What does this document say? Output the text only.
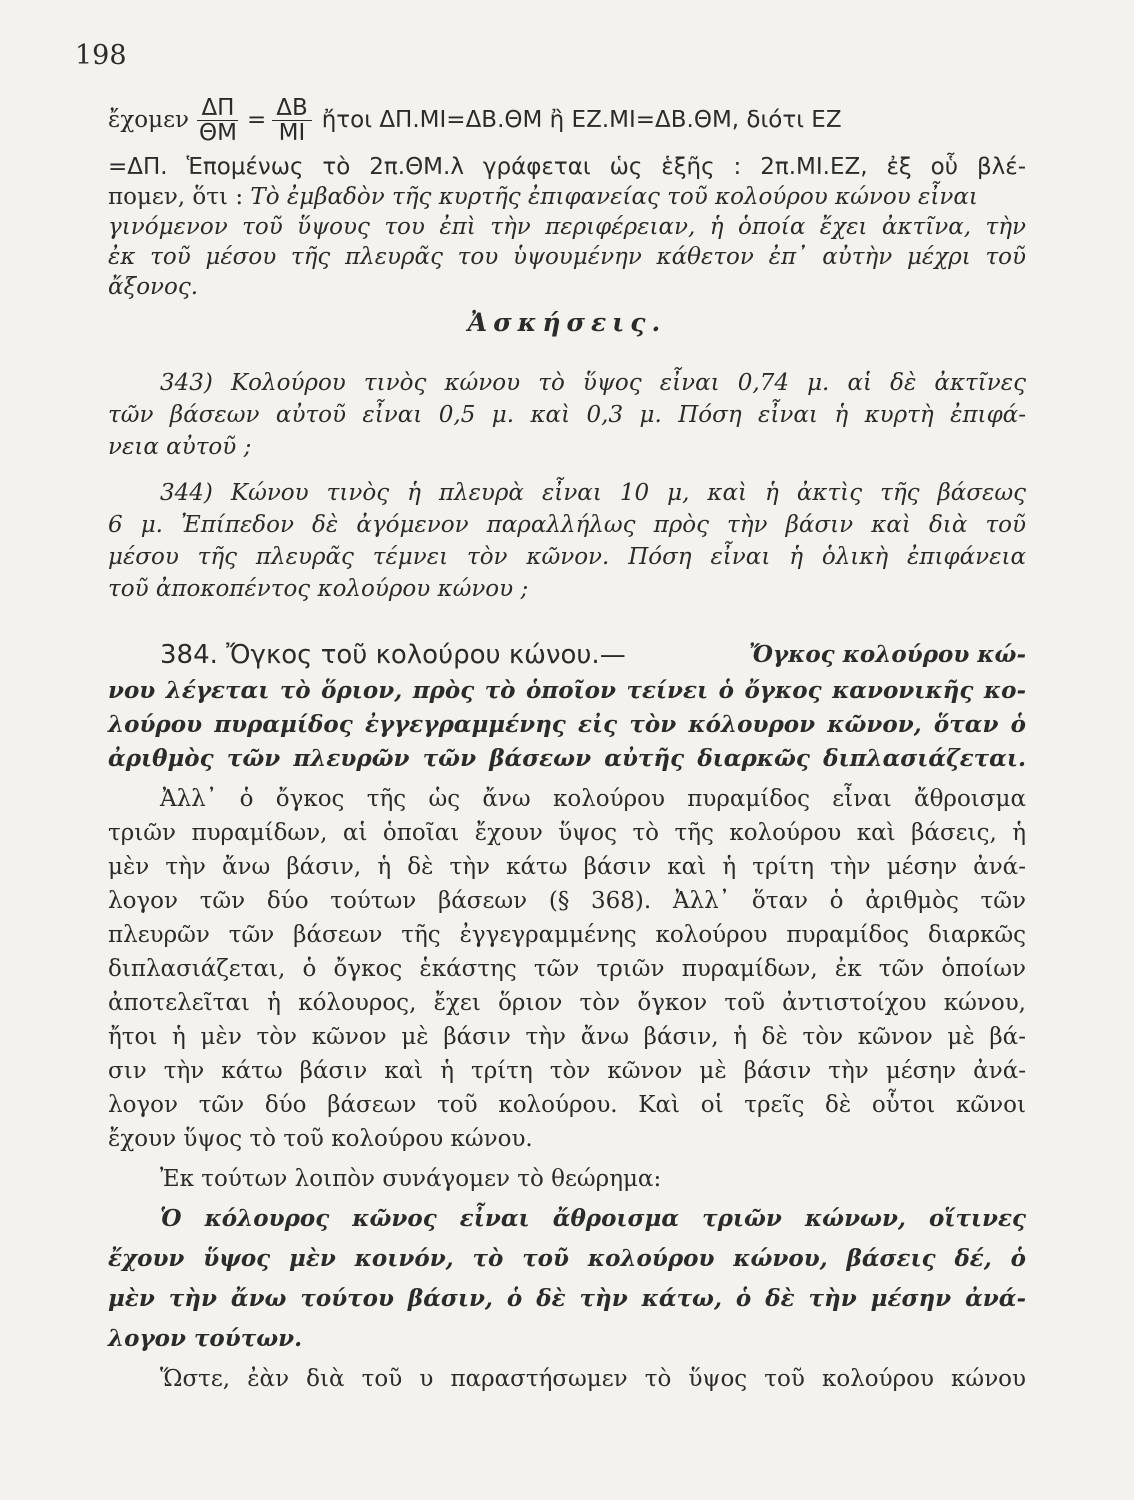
198
ἔχομεν $\frac{\Delta\Pi}{\Theta M} = \frac{\Delta B}{MI}$ ἤτοι ΔΠ.ΜΙ=ΔΒ.ΘΜ ἢ ΕΖ.ΜΙ=ΔΒ.ΘΜ, διότι ΕΖ
=ΔΠ. Ἑπομένως τὸ 2π.ΘΜ.λ γράφεται ὡς ἑξῆς : 2π.ΜΙ.ΕΖ, ἐξ οὗ βλέ-
πομεν, ὅτι : Τὸ ἐμβαδὸν τῆς κυρτῆς ἐπιφανείας τοῦ κολούρου κώνου εἶναι
γινόμενον τοῦ ὕψους του ἐπὶ τὴν περιφέρειαν, ἡ ὁποία ἔχει ἀκτῖνα, τὴν
ἐκ τοῦ μέσου τῆς πλευρᾶς του ὑψουμένην κάθετον ἐπ᾿ αὐτὴν μέχρι τοῦ
ἄξονος.
Ἀσκήσεις.
343) Κολούρου τινὸς κώνου τὸ ὕψος εἶναι 0,74 μ. αἱ δὲ ἀκτῖνες
τῶν βάσεων αὐτοῦ εἶναι 0,5 μ. καὶ 0,3 μ. Πόση εἶναι ἡ κυρτὴ ἐπιφά-
νεια αὐτοῦ ;
344) Κώνου τινὸς ἡ πλευρὰ εἶναι 10 μ, καὶ ἡ ἀκτὶς τῆς βάσεως
6 μ. Ἐπίπεδον δὲ ἀγόμενον παραλλήλως πρὸς τὴν βάσιν καὶ διὰ τοῦ
μέσου τῆς πλευρᾶς τέμνει τὸν κῶνον. Πόση εἶναι ἡ ὁλικὴ ἐπιφάνεια
τοῦ ἀποκοπέντος κολούρου κώνου ;
384. Ὄγκος τοῦ κολούρου κώνου.—	Ὄγκος κολούρου κώ-
νου λέγεται τὸ ὅριον, πρὸς τὸ ὁποῖον τείνει ὁ ὄγκος κανονικῆς κο-
λούρου πυραμίδος ἐγγεγραμμένης εἰς τὸν κόλουρον κῶνον, ὅταν ὁ
ἀριθμὸς τῶν πλευρῶν τῶν βάσεων αὐτῆς διαρκῶς διπλασιάζεται.
Ἀλλ᾿ ὁ ὄγκος τῆς ὡς ἄνω κολούρου πυραμίδος εἶναι ἄθροισμα
τριῶν πυραμίδων, αἱ ὁποῖαι ἔχουν ὕψος τὸ τῆς κολούρου καὶ βάσεις, ἡ
μὲν τὴν ἄνω βάσιν, ἡ δὲ τὴν κάτω βάσιν καὶ ἡ τρίτη τὴν μέσην ἀνά-
λογον τῶν δύο τούτων βάσεων (§ 368). Ἀλλ᾿ ὅταν ὁ ἀριθμὸς τῶν
πλευρῶν τῶν βάσεων τῆς ἐγγεγραμμένης κολούρου πυραμίδος διαρκῶς
διπλασιάζεται, ὁ ὄγκος ἑκάστης τῶν τριῶν πυραμίδων, ἐκ τῶν ὁποίων
ἀποτελεῖται ἡ κόλουρος, ἔχει ὅριον τὸν ὄγκον τοῦ ἀντιστοίχου κώνου,
ἤτοι ἡ μὲν τὸν κῶνον μὲ βάσιν τὴν ἄνω βάσιν, ἡ δὲ τὸν κῶνον μὲ βά-
σιν τὴν κάτω βάσιν καὶ ἡ τρίτη τὸν κῶνον μὲ βάσιν τὴν μέσην ἀνά-
λογον τῶν δύο βάσεων τοῦ κολούρου. Καὶ οἱ τρεῖς δὲ οὗτοι κῶνοι
ἔχουν ὕψος τὸ τοῦ κολούρου κώνου.
Ἐκ τούτων λοιπὸν συνάγομεν τὸ θεώρημα:
Ὁ κόλουρος κῶνος εἶναι ἄθροισμα τριῶν κώνων, οἵτινες
ἔχουν ὕψος μὲν κοινόν, τὸ τοῦ κολούρου κώνου, βάσεις δέ, ὁ
μὲν τὴν ἄνω τούτου βάσιν, ὁ δὲ τὴν κάτω, ὁ δὲ τὴν μέσην ἀνά-
λογον τούτων.
Ὥστε, ἐὰν διὰ τοῦ υ παραστήσωμεν τὸ ὕψος τοῦ κολούρου κώνου
